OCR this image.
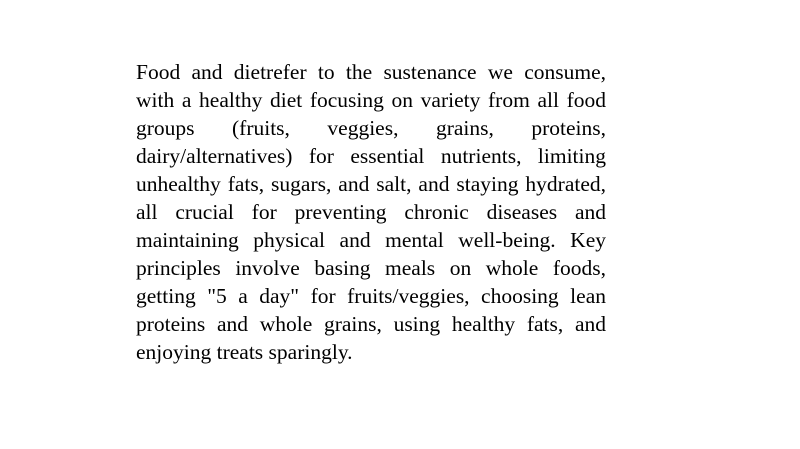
Food and dietrefer to the sustenance we consume, with a healthy diet focusing on variety from all food groups (fruits, veggies, grains, proteins, dairy/alternatives) for essential nutrients, limiting unhealthy fats, sugars, and salt, and staying hydrated, all crucial for preventing chronic diseases and maintaining physical and mental well-being. Key principles involve basing meals on whole foods, getting "5 a day" for fruits/veggies, choosing lean proteins and whole grains, using healthy fats, and enjoying treats sparingly.
